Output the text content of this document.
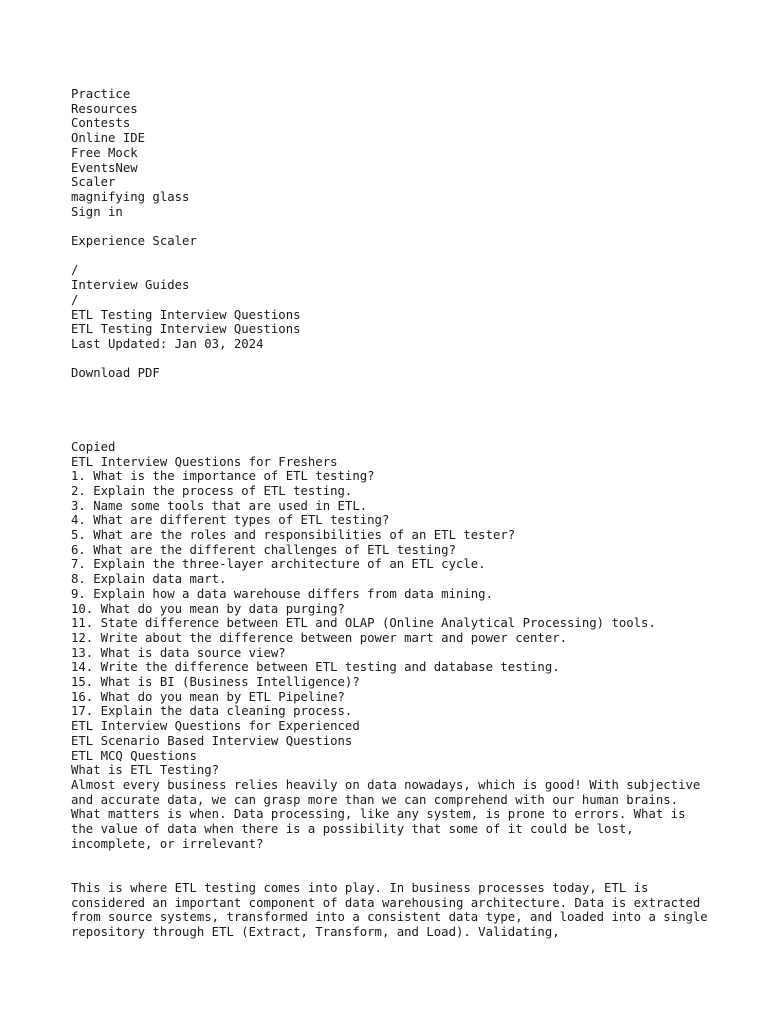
Practice
Resources
Contests
Online IDE
Free Mock
EventsNew
Scaler
magnifying glass
Sign in
Experience Scaler
/
Interview Guides
/
ETL Testing Interview Questions
ETL Testing Interview Questions
Last Updated: Jan 03, 2024
Download PDF
Copied
ETL Interview Questions for Freshers
1. What is the importance of ETL testing?
2. Explain the process of ETL testing.
3. Name some tools that are used in ETL.
4. What are different types of ETL testing?
5. What are the roles and responsibilities of an ETL tester?
6. What are the different challenges of ETL testing?
7. Explain the three-layer architecture of an ETL cycle.
8. Explain data mart.
9. Explain how a data warehouse differs from data mining.
10. What do you mean by data purging?
11. State difference between ETL and OLAP (Online Analytical Processing) tools.
12. Write about the difference between power mart and power center.
13. What is data source view?
14. Write the difference between ETL testing and database testing.
15. What is BI (Business Intelligence)?
16. What do you mean by ETL Pipeline?
17. Explain the data cleaning process.
ETL Interview Questions for Experienced
ETL Scenario Based Interview Questions
ETL MCQ Questions
What is ETL Testing?

Almost every business relies heavily on data nowadays, which is good! With subjective and accurate data, we can grasp more than we can comprehend with our human brains. What matters is when. Data processing, like any system, is prone to errors. What is the value of data when there is a possibility that some of it could be lost, incomplete, or irrelevant?

This is where ETL testing comes into play. In business processes today, ETL is considered an important component of data warehousing architecture. Data is extracted from source systems, transformed into a consistent data type, and loaded into a single repository through ETL (Extract, Transform, and Load). Validating,
